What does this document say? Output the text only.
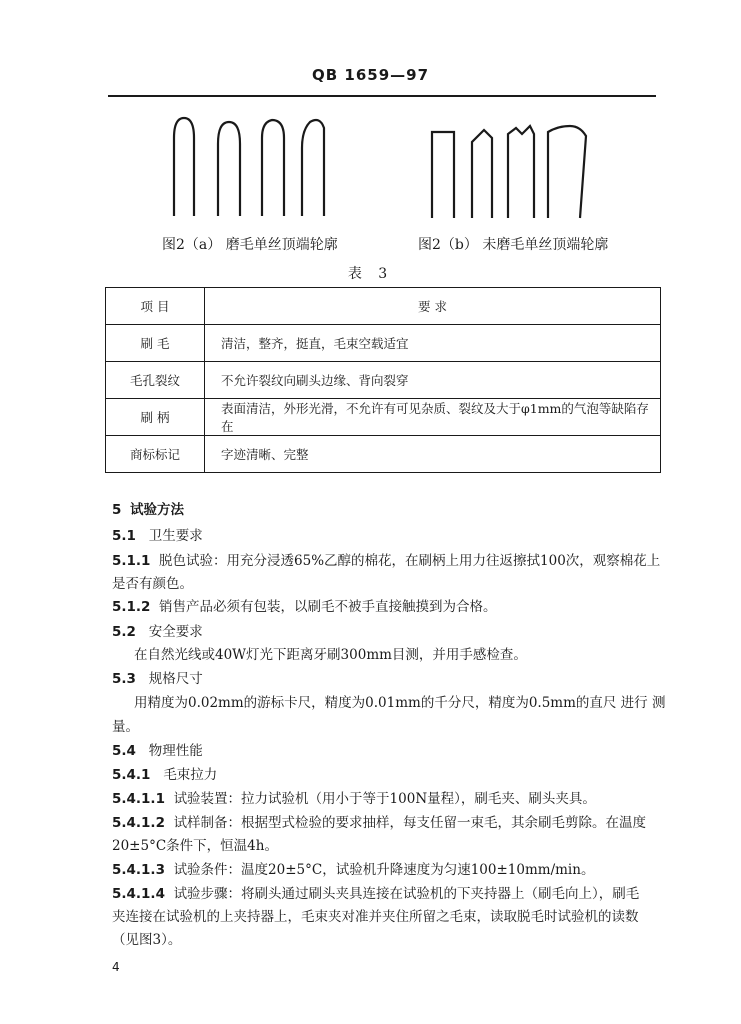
QB 1659—97
图2（a） 磨毛单丝顶端轮廓	图2（b） 未磨毛单丝顶端轮廓
表 3
项 目	要 求
刷 毛	清洁，整齐，挺直，毛束空载适宜
毛孔裂纹	不允许裂纹向刷头边缘、背向裂穿
刷 柄	表面清洁，外形光滑，不允许有可见杂质、裂纹及大于φ1mm的气泡等缺陷存在
商标标记	字迹清晰、完整
5 试验方法
5.1 卫生要求
5.1.1 脱色试验：用充分浸透65%乙醇的棉花，在刷柄上用力往返擦拭100次，观察棉花上
是否有颜色。
5.1.2 销售产品必须有包装，以刷毛不被手直接触摸到为合格。
5.2 安全要求
在自然光线或40W灯光下距离牙刷300mm目测，并用手感检查。
5.3 规格尺寸
用精度为0.02mm的游标卡尺，精度为0.01mm的千分尺，精度为0.5mm的直尺 进行 测
量。
5.4 物理性能
5.4.1 毛束拉力
5.4.1.1 试验装置：拉力试验机（用小于等于100N量程），刷毛夹、刷头夹具。
5.4.1.2 试样制备：根据型式检验的要求抽样，每支任留一束毛，其余刷毛剪除。在温度
20±5°C条件下，恒温4h。
5.4.1.3 试验条件：温度20±5°C，试验机升降速度为匀速100±10mm/min。
5.4.1.4 试验步骤：将刷头通过刷头夹具连接在试验机的下夹持器上（刷毛向上），刷毛
夹连接在试验机的上夹持器上，毛束夹对准并夹住所留之毛束，读取脱毛时试验机的读数
（见图3）。
4
